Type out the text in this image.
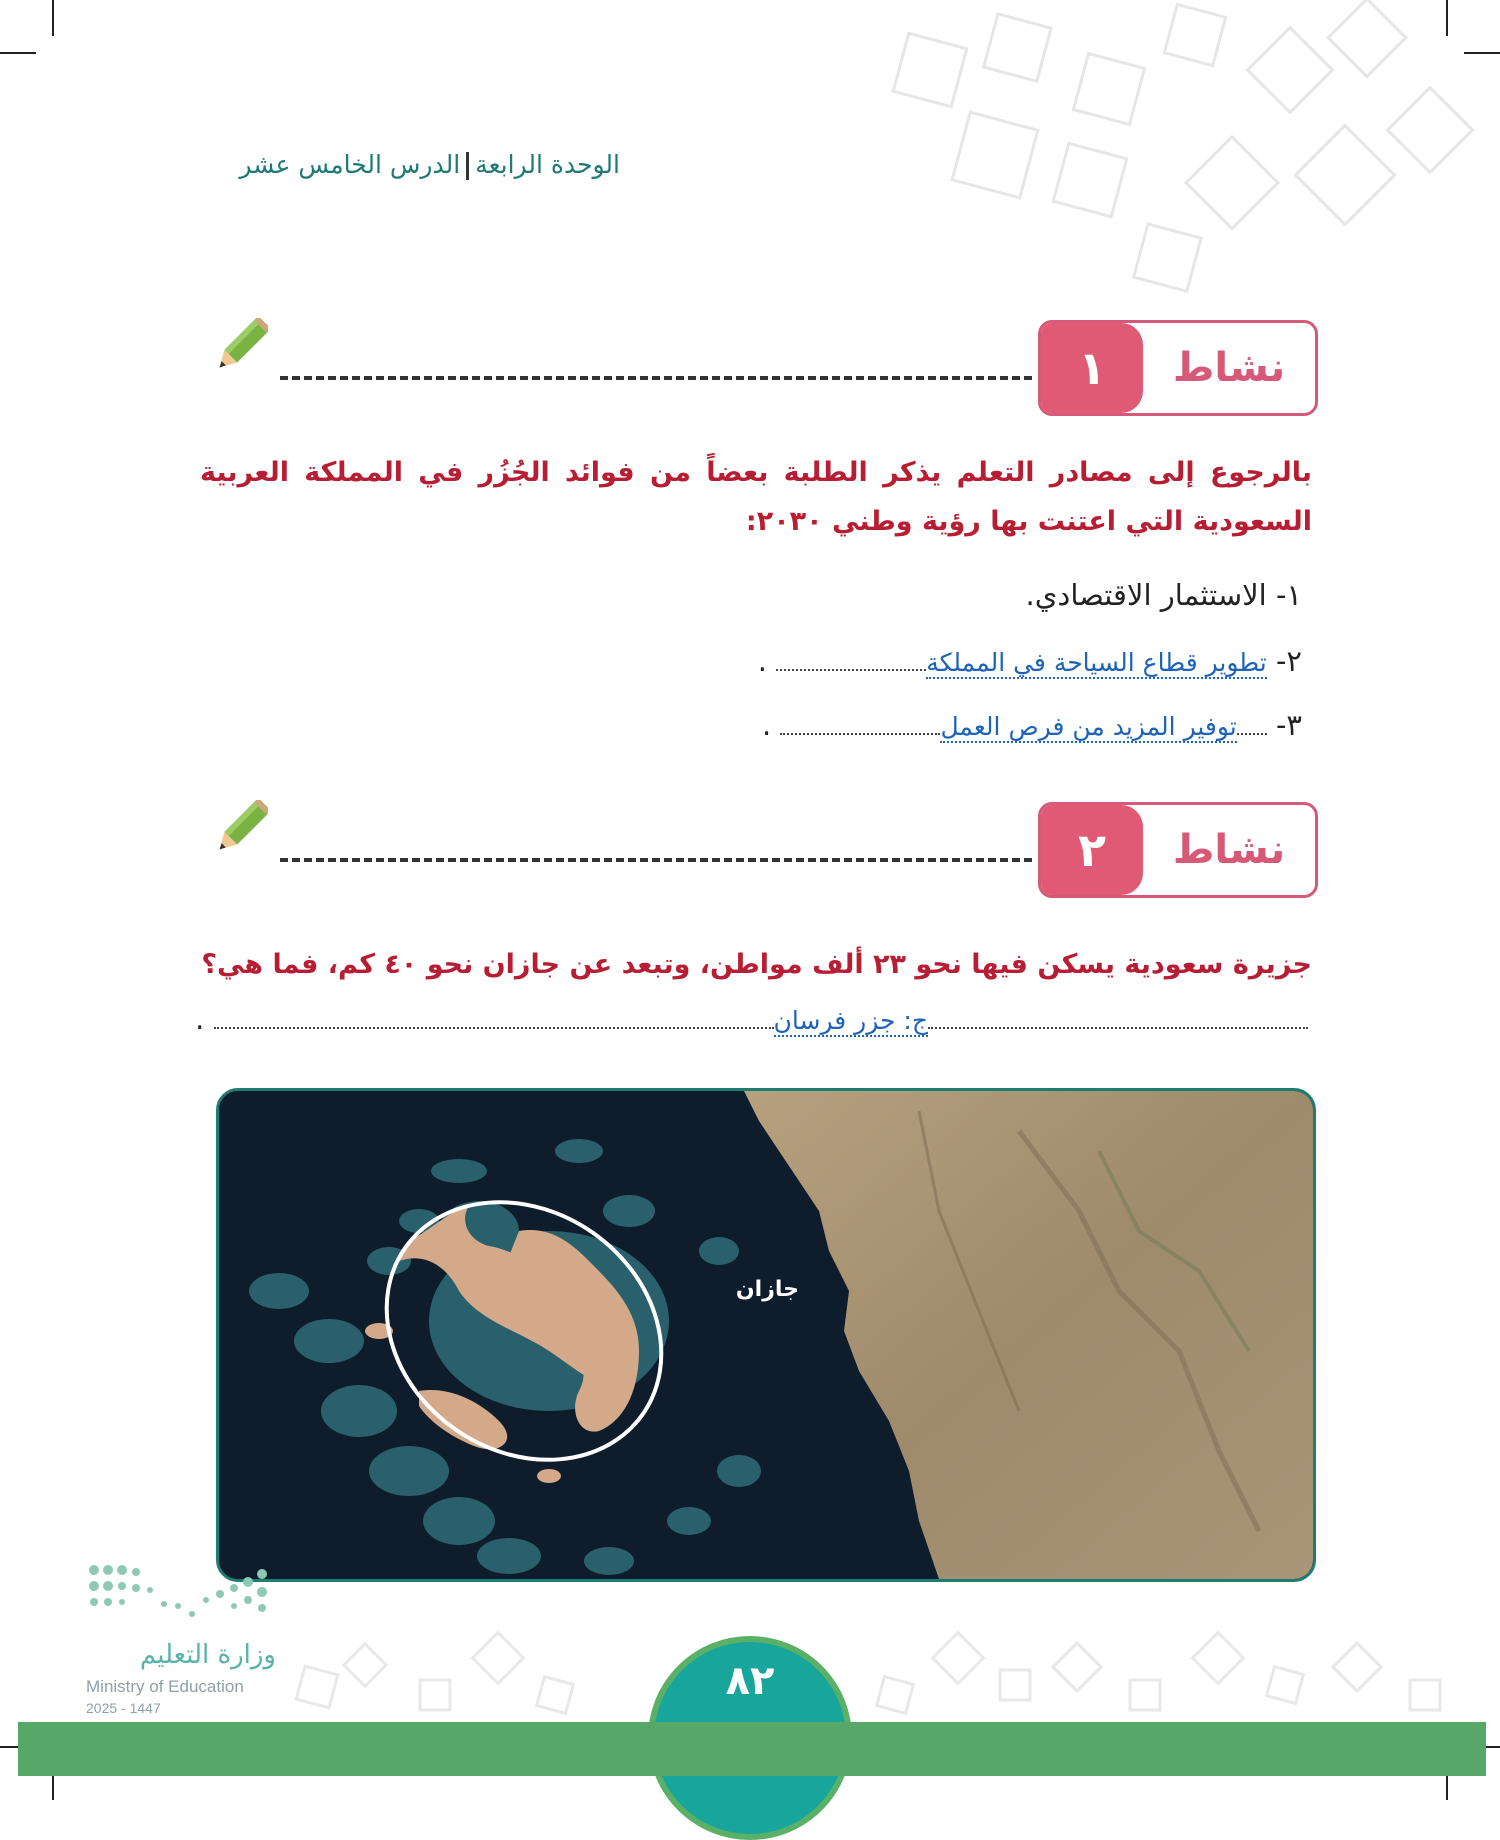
الوحدة الرابعةالدرس الخامس عشر
١	نشاط
بالرجوع إلى مصادر التعلم يذكر الطلبة بعضاً من فوائد الجُزُر في المملكة العربية السعودية التي اعتنت بها رؤية وطني ٢٠٣٠:
١- الاستثمار الاقتصادي.
٢- تطوير قطاع السياحة في المملكة .
٣- توفير المزيد من فرص العمل .
٢	نشاط
جزيرة سعودية يسكن فيها نحو ٢٣ ألف مواطن، وتبعد عن جازان نحو ٤٠ كم، فما هي؟
ج: جزر فرسان .
جازان
وزارة التعليم
Ministry of Education
2025 - 1447
٨٢
